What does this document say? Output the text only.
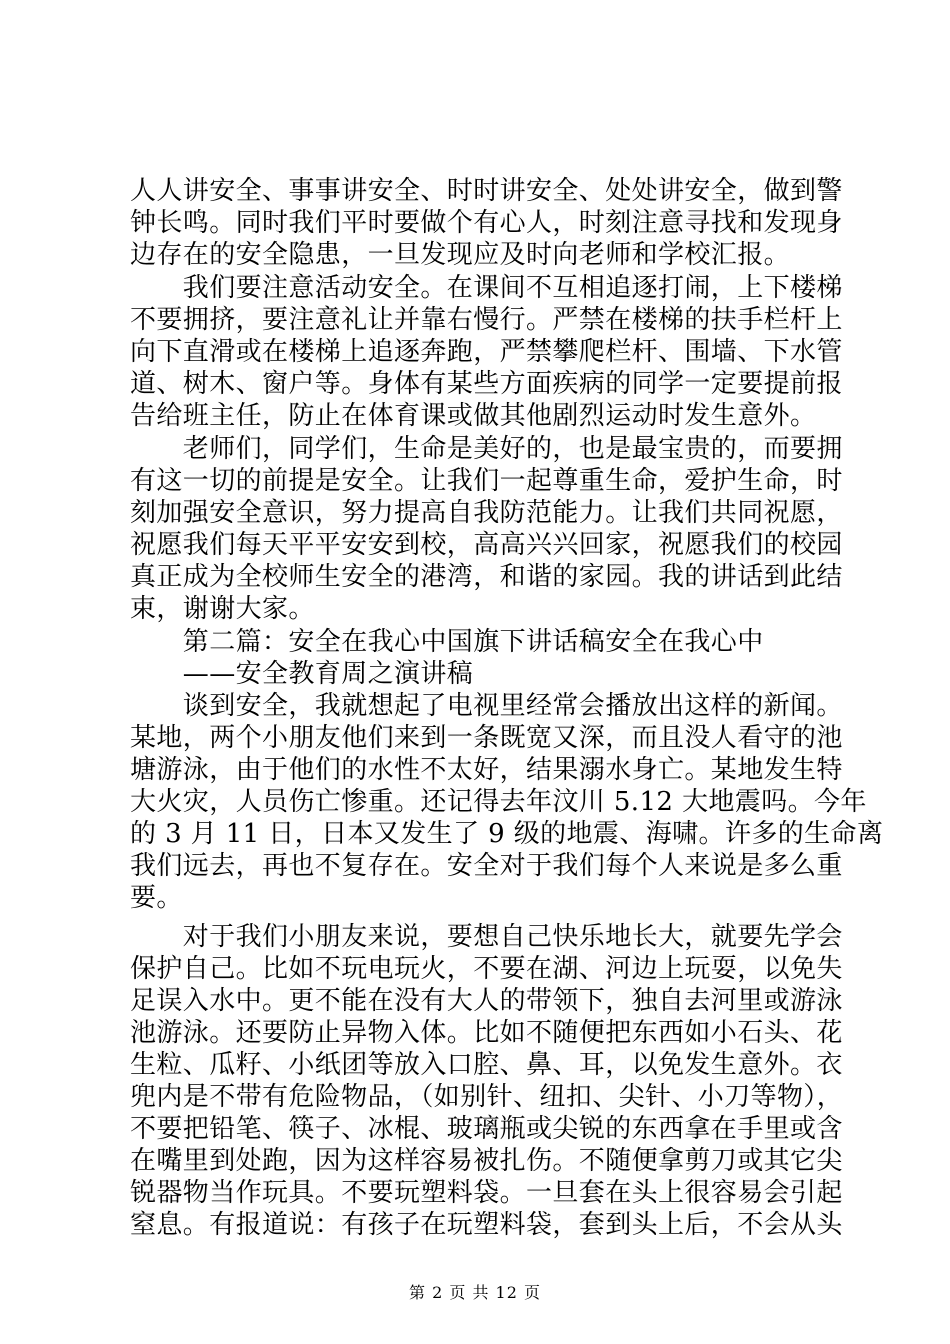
人人讲安全、事事讲安全、时时讲安全、处处讲安全，做到警
钟长鸣。同时我们平时要做个有心人，时刻注意寻找和发现身
边存在的安全隐患，一旦发现应及时向老师和学校汇报。
　　我们要注意活动安全。在课间不互相追逐打闹，上下楼梯
不要拥挤，要注意礼让并靠右慢行。严禁在楼梯的扶手栏杆上
向下直滑或在楼梯上追逐奔跑，严禁攀爬栏杆、围墙、下水管
道、树木、窗户等。身体有某些方面疾病的同学一定要提前报
告给班主任，防止在体育课或做其他剧烈运动时发生意外。
　　老师们，同学们，生命是美好的，也是最宝贵的，而要拥
有这一切的前提是安全。让我们一起尊重生命，爱护生命，时
刻加强安全意识，努力提高自我防范能力。让我们共同祝愿，
祝愿我们每天平平安安到校，高高兴兴回家，祝愿我们的校园
真正成为全校师生安全的港湾，和谐的家园。我的讲话到此结
束，谢谢大家。
　　第二篇：安全在我心中国旗下讲话稿安全在我心中
　　——安全教育周之演讲稿
　　谈到安全，我就想起了电视里经常会播放出这样的新闻。
某地，两个小朋友他们来到一条既宽又深，而且没人看守的池
塘游泳，由于他们的水性不太好，结果溺水身亡。某地发生特
大火灾，人员伤亡惨重。还记得去年汶川 5.12 大地震吗。今年
的 3 月 11 日，日本又发生了 9 级的地震、海啸。许多的生命离
我们远去，再也不复存在。安全对于我们每个人来说是多么重
要。
　　对于我们小朋友来说，要想自己快乐地长大，就要先学会
保护自己。比如不玩电玩火，不要在湖、河边上玩耍，以免失
足误入水中。更不能在没有大人的带领下，独自去河里或游泳
池游泳。还要防止异物入体。比如不随便把东西如小石头、花
生粒、瓜籽、小纸团等放入口腔、鼻、耳，以免发生意外。衣
兜内是不带有危险物品，（如别针、纽扣、尖针、小刀等物），
不要把铅笔、筷子、冰棍、玻璃瓶或尖锐的东西拿在手里或含
在嘴里到处跑，因为这样容易被扎伤。不随便拿剪刀或其它尖
锐器物当作玩具。不要玩塑料袋。一旦套在头上很容易会引起
窒息。有报道说：有孩子在玩塑料袋，套到头上后，不会从头
第 2 页 共 12 页
